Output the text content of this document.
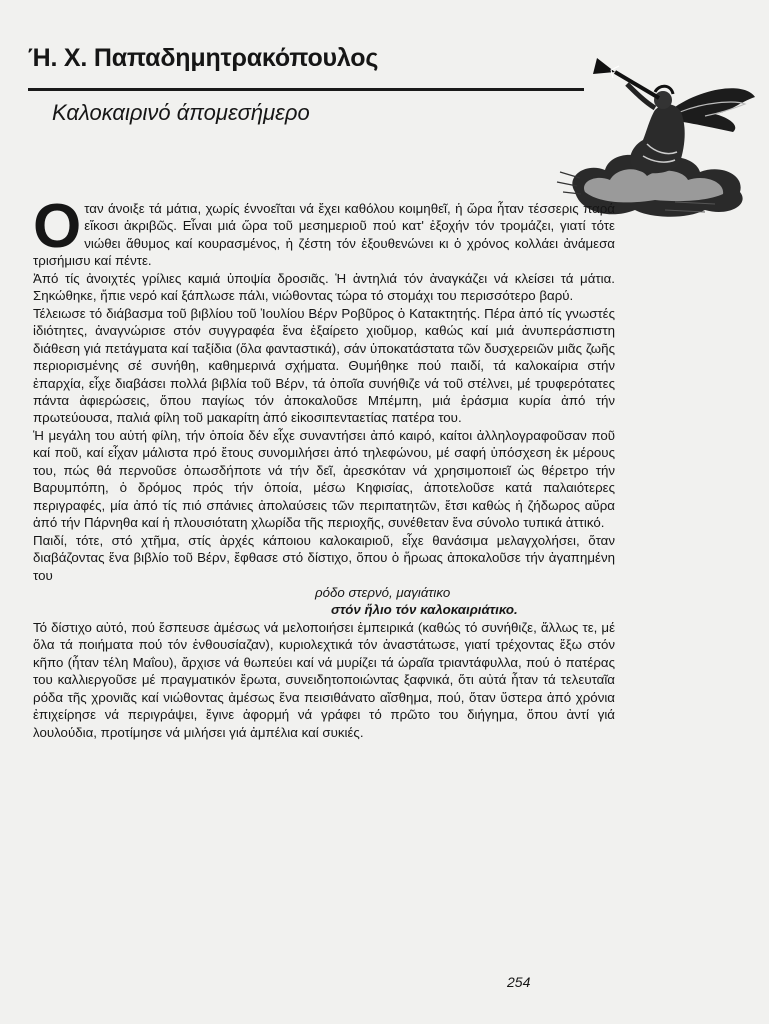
Ή. Χ. Παπαδημητρακόπουλος
Καλοκαιρινό άπομεσήμερο

Οταν άνοιξε τά μάτια, χωρίς έννοεῖται νά ἔχει καθόλου κοιμηθεῖ, ἡ ὥρα ἦταν τέσσερις παρά εἴκοσι ἀκριβῶς. Εἶναι μιά ὥρα τοῦ μεσημεριοῦ πού κατ' ἐξοχήν τόν τρομάζει, γιατί τότε νιώθει ἄθυμος καί κουρασμένος, ἡ ζέστη τόν ἐξουθενώνει κι ὁ χρόνος κολλάει ἀνάμεσα τρισήμισυ καί πέντε.

Ἀπό τίς ἀνοιχτές γρίλιες καμιά ὑποψία δροσιᾶς. Ἡ ἀντηλιά τόν ἀναγκάζει νά κλείσει τά μάτια. Σηκώθηκε, ἤπιε νερό καί ξάπλωσε πάλι, νιώθοντας τώρα τό στομάχι του περισσότερο βαρύ.

Τέλειωσε τό διάβασμα τοῦ βιβλίου τοῦ Ἰουλίου Βέρν Ροβῦρος ὁ Κατακτητής. Πέρα ἀπό τίς γνωστές ἰδιότητες, ἀναγνώρισε στόν συγγραφέα ἕνα ἐξαίρετο χιοῦμορ, καθώς καί μιά ἀνυπεράσπιστη διάθεση γιά πετάγματα καί ταξίδια (ὅλα φανταστικά), σάν ὑποκατάστατα τῶν δυσχερειῶν μιᾶς ζωῆς περιορισμένης σέ συνήθη, καθημερινά σχήματα. Θυμήθηκε πού παιδί, τά καλοκαίρια στήν ἐπαρχία, εἶχε διαβάσει πολλά βιβλία τοῦ Βέρν, τά ὁποῖα συνήθιζε νά τοῦ στέλνει, μέ τρυφερότατες πάντα ἀφιερώσεις, ὅπου παγίως τόν ἀποκαλοῦσε Μπέμπη, μιά ἐράσμια κυρία ἀπό τήν πρωτεύουσα, παλιά φίλη τοῦ μακαρίτη ἀπό εἰκοσιπενταετίας πατέρα του.

Ἡ μεγάλη του αὐτή φίλη, τήν ὁποία δέν εἶχε συναντήσει ἀπό καιρό, καίτοι ἀλληλογραφοῦσαν ποῦ καί ποῦ, καί εἶχαν μάλιστα πρό ἔτους συνομιλήσει ἀπό τηλεφώνου, μέ σαφή ὑπόσχεση ἐκ μέρους του, πώς θά περνοῦσε ὁπωσδήποτε νά τήν δεῖ, ἀρεσκόταν νά χρησιμοποιεῖ ὡς θέρετρο τήν Βαρυμπόπη, ὁ δρόμος πρός τήν ὁποία, μέσω Κηφισίας, ἀποτελοῦσε κατά παλαιότερες περιγραφές, μία ἀπό τίς πιό σπάνιες ἀπολαύσεις τῶν περιπατητῶν, ἔτσι καθώς ἡ ζήδωρος αὔρα ἀπό τήν Πάρνηθα καί ἡ πλουσιότατη χλωρίδα τῆς περιοχῆς, συνέθεταν ἕνα σύνολο τυπικά ἀττικό.

Παιδί, τότε, στό χτῆμα, στίς ἀρχές κάποιου καλοκαιριοῦ, εἶχε θανάσιμα μελαγχολήσει, ὅταν διαβάζοντας ἕνα βιβλίο τοῦ Βέρν, ἔφθασε στό δίστιχο, ὅπου ὁ ἥρωας ἀποκαλοῦσε τήν ἀγαπημένη του

ρόδο στερνό, μαγιάτικο
στόν ἥλιο τόν καλοκαιριάτικο.

Τό δίστιχο αὐτό, πού ἔσπευσε ἀμέσως νά μελοποιήσει ἐμπειρικά (καθώς τό συνήθιζε, ἄλλως τε, μέ ὅλα τά ποιήματα πού τόν ἐνθουσίαζαν), κυριολεχτικά τόν ἀναστάτωσε, γιατί τρέχοντας ἔξω στόν κῆπο (ἦταν τέλη Μαΐου), ἄρχισε νά θωπεύει καί νά μυρίζει τά ὡραῖα τριαντάφυλλα, πού ὁ πατέρας του καλλιεργοῦσε μέ πραγματικόν ἔρωτα, συνειδητοποιώντας ξαφνικά, ὅτι αὐτά ἦταν τά τελευταῖα ρόδα τῆς χρονιᾶς καί νιώθοντας ἀμέσως ἕνα πεισιθάνατο αἴσθημα, πού, ὅταν ὕστερα ἀπό χρόνια ἐπιχείρησε νά περιγράψει, ἔγινε ἀφορμή νά γράφει τό πρῶτο του διήγημα, ὅπου ἀντί γιά λουλούδια, προτίμησε νά μιλήσει γιά ἀμπέλια καί συκιές.

254
